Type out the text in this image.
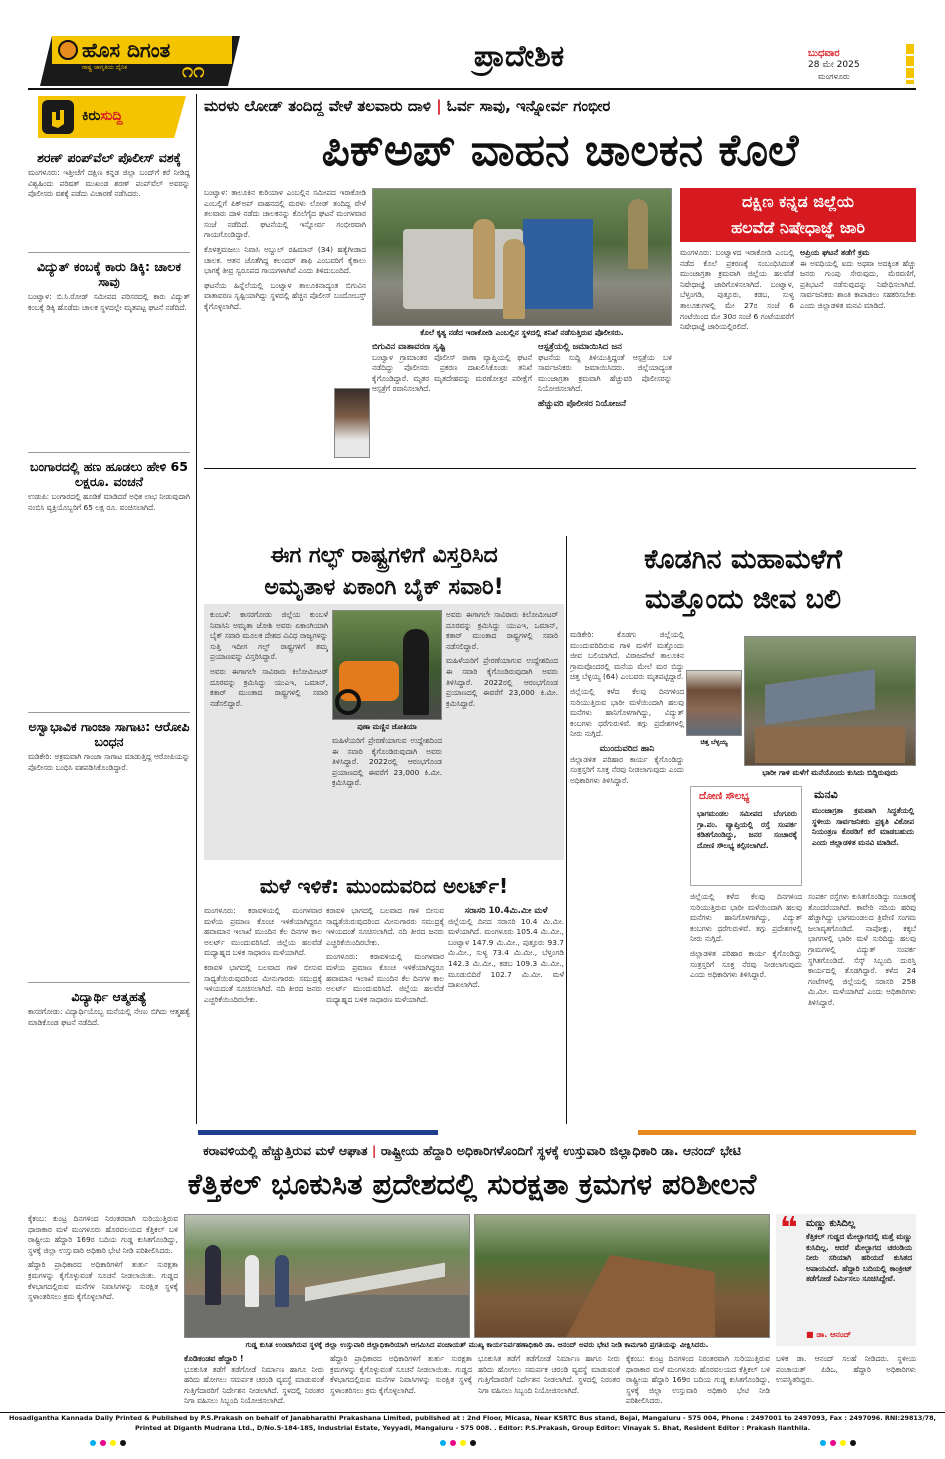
ಹೊಸ ದಿಗಂತ
ರಾಷ್ಟ್ರ ಜಾಗೃತಿಯ ದೈನಿಕ	೧೧	ಪ್ರಾದೇಶಿಕ	ಬುಧವಾರ
28 ಮೇ 2025
ಮಂಗಳೂರು
ಕಿರುಸುದ್ದಿ
ಶರಣ್ ಪಂಪ್‌ವೆಲ್ ಪೊಲೀಸ್ ವಶಕ್ಕೆ

ಮಂಗಳೂರು: ಇತ್ತೀಚೆಗೆ ದಕ್ಷಿಣ ಕನ್ನಡ ಜಿಲ್ಲಾ ಬಂದ್‌ಗೆ ಕರೆ ನೀಡಿದ್ದ ವಿಶ್ವಹಿಂದು ಪರಿಷತ್ ಮುಖಂಡ ಶರಣ್ ಪಂಪ್‌ವೆಲ್ ಅವರನ್ನು ಪೊಲೀಸರು ವಶಕ್ಕೆ ಪಡೆದು ವಿಚಾರಣೆ ನಡೆಸಿದರು.

ವಿದ್ಯುತ್ ಕಂಬಕ್ಕೆ ಕಾರು ಡಿಕ್ಕಿ: ಚಾಲಕ ಸಾವು

ಬಂಟ್ವಾಳ: ಬಿ.ಸಿ.ರೋಡ್ ಸಮೀಪದ ಪರಿಸರದಲ್ಲಿ ಕಾರು ವಿದ್ಯುತ್ ಕಂಬಕ್ಕೆ ಡಿಕ್ಕಿ ಹೊಡೆದು ಚಾಲಕ ಸ್ಥಳದಲ್ಲೇ ಮೃತಪಟ್ಟ ಘಟನೆ ನಡೆದಿದೆ.

ಬಂಗಾರದಲ್ಲಿ ಹಣ ಹೂಡಲು ಹೇಳಿ 65 ಲಕ್ಷರೂ. ವಂಚನೆ

ಉಡುಪಿ: ಬಂಗಾರದಲ್ಲಿ ಹೂಡಿಕೆ ಮಾಡಿದರೆ ಅಧಿಕ ಲಾಭ ನೀಡುವುದಾಗಿ ನಂಬಿಸಿ ವ್ಯಕ್ತಿಯೊಬ್ಬರಿಗೆ 65 ಲಕ್ಷ ರೂ. ವಂಚಿಸಲಾಗಿದೆ.

ಅಸ್ವಾಭಾವಿಕ ಗಾಂಜಾ ಸಾಗಾಟ: ಆರೋಪಿ ಬಂಧನ

ಮಡಿಕೇರಿ: ಅಕ್ರಮವಾಗಿ ಗಾಂಜಾ ಸಾಗಾಟ ಮಾಡುತ್ತಿದ್ದ ಆರೋಪಿಯನ್ನು ಪೊಲೀಸರು ಬಂಧಿಸಿ ವಶಪಡಿಸಿಕೊಂಡಿದ್ದಾರೆ.

ವಿದ್ಯಾರ್ಥಿ ಆತ್ಮಹತ್ಯೆ

ಕಾಸರಗೋಡು: ವಿದ್ಯಾರ್ಥಿಯೊಬ್ಬ ಮನೆಯಲ್ಲಿ ನೇಣು ಬಿಗಿದು ಆತ್ಮಹತ್ಯೆ ಮಾಡಿಕೊಂಡ ಘಟನೆ ನಡೆದಿದೆ.

ಮರಳು ಲೋಡ್ ತಂದಿದ್ದ ವೇಳೆ ತಲವಾರು ದಾಳಿ | ಓರ್ವ ಸಾವು, ಇನ್ನೋರ್ವ ಗಂಭೀರ
ಪಿಕ್‌ಅಪ್ ವಾಹನ ಚಾಲಕನ ಕೊಲೆ

ಬಂಟ್ವಾಳ: ತಾಲೂಕಿನ ಕುರಿಯಾಳ ಎಂಬಲ್ಲಿನ ಸಮೀಪದ ಇರಾಕೋಡಿ ಎಂಬಲ್ಲಿಗೆ ಪಿಕ್‌ಅಪ್ ವಾಹನದಲ್ಲಿ ಮರಳು ಲೋಡ್ ತಂದಿದ್ದ ವೇಳೆ ತಲವಾರು ದಾಳಿ ನಡೆದು ಚಾಲಕನನ್ನು ಕೊಲೆಗೈದ ಘಟನೆ ಮಂಗಳವಾರ ಸಂಜೆ ನಡೆದಿದೆ. ಘಟನೆಯಲ್ಲಿ ಇನ್ನೋರ್ವ ಗಂಭೀರವಾಗಿ ಗಾಯಗೊಂಡಿದ್ದಾರೆ.

ಕೊಳತ್ತಮಜಲು ನಿವಾಸಿ ಅಬ್ದುಲ್ ರಹಿಮಾನ್ (34) ಹತ್ಯೆಗೀಡಾದ ಚಾಲಕ. ಆತನ ಜೊತೆಗಿದ್ದ ಕಲಂದರ್ ಶಾಫಿ ಎಂಬವರಿಗೆ ಕೈಕಾಲು ಭಾಗಕ್ಕೆ ತೀವ್ರ ಸ್ವರೂಪದ ಗಾಯಗಳಾಗಿವೆ ಎಂದು ತಿಳಿದುಬಂದಿದೆ.

ಘಟನೆಯ ಹಿನ್ನೆಲೆಯಲ್ಲಿ ಬಂಟ್ವಾಳ ತಾಲೂಕಿನಾದ್ಯಂತ ಬಿಗುವಿನ ವಾತಾವರಣ ಸೃಷ್ಟಿಯಾಗಿದ್ದು ಸ್ಥಳದಲ್ಲಿ ಹೆಚ್ಚಿನ ಪೊಲೀಸ್ ಬಂದೋಬಸ್ತ್ ಕೈಗೊಳ್ಳಲಾಗಿದೆ.

ಕೊಲೆ ಕೃತ್ಯ ನಡೆದ ಇರಾಕೋಡಿ ಎಂಬಲ್ಲಿನ ಸ್ಥಳದಲ್ಲಿ ತನಿಖೆ ನಡೆಸುತ್ತಿರುವ ಪೊಲೀಸರು.
ಬಿಗುವಿನ ವಾತಾವರಣ ಸೃಷ್ಟಿ

ಬಂಟ್ವಾಳ ಗ್ರಾಮಾಂತರ ಪೊಲೀಸ್ ಠಾಣಾ ವ್ಯಾಪ್ತಿಯಲ್ಲಿ ಘಟನೆ ನಡೆದಿದ್ದು ಪೊಲೀಸರು ಪ್ರಕರಣ ದಾಖಲಿಸಿಕೊಂಡು ತನಿಖೆ ಕೈಗೊಂಡಿದ್ದಾರೆ. ಮೃತರ ಮೃತದೇಹವನ್ನು ಮರಣೋತ್ತರ ಪರೀಕ್ಷೆಗೆ ಆಸ್ಪತ್ರೆಗೆ ರವಾನಿಸಲಾಗಿದೆ.

ಆಸ್ಪತ್ರೆಯಲ್ಲಿ ಜಮಾಯಿಸಿದ ಜನ

ಘಟನೆಯ ಸುದ್ದಿ ತಿಳಿಯುತ್ತಿದ್ದಂತೆ ಆಸ್ಪತ್ರೆಯ ಬಳಿ ಸಾರ್ವಜನಿಕರು ಜಮಾಯಿಸಿದರು. ಜಿಲ್ಲೆಯಾದ್ಯಂತ ಮುಂಜಾಗ್ರತಾ ಕ್ರಮವಾಗಿ ಹೆಚ್ಚುವರಿ ಪೊಲೀಸರನ್ನು ನಿಯೋಜಿಸಲಾಗಿದೆ.

ಹೆಚ್ಚುವರಿ ಪೊಲೀಸರ ನಿಯೋಜನೆ
ದಕ್ಷಿಣ ಕನ್ನಡ ಜಿಲ್ಲೆಯ
ಹಲವೆಡೆ ನಿಷೇಧಾಜ್ಞೆ ಜಾರಿ

ಮಂಗಳೂರು: ಬಂಟ್ವಾಳದ ಇರಾಕೋಡಿ ಎಂಬಲ್ಲಿ ನಡೆದ ಕೊಲೆ ಪ್ರಕರಣಕ್ಕೆ ಸಂಬಂಧಿಸಿದಂತೆ ಮುಂಜಾಗ್ರತಾ ಕ್ರಮವಾಗಿ ಜಿಲ್ಲೆಯ ಹಲವೆಡೆ ನಿಷೇಧಾಜ್ಞೆ ಜಾರಿಗೊಳಿಸಲಾಗಿದೆ. ಬಂಟ್ವಾಳ, ಬೆಳ್ತಂಗಡಿ, ಪುತ್ತೂರು, ಕಡಬ, ಸುಳ್ಯ ತಾಲೂಕುಗಳಲ್ಲಿ ಮೇ 27ರ ಸಂಜೆ 6 ಗಂಟೆಯಿಂದ ಮೇ 30ರ ಸಂಜೆ 6 ಗಂಟೆಯವರೆಗೆ ನಿಷೇಧಾಜ್ಞೆ ಜಾರಿಯಲ್ಲಿರಲಿದೆ.

ಅಪ್ರಿಯ ಘಟನೆ ತಡೆಗೆ ಕ್ರಮ

ಈ ಅವಧಿಯಲ್ಲಿ ಐದು ಅಥವಾ ಅದಕ್ಕಿಂತ ಹೆಚ್ಚು ಜನರು ಗುಂಪು ಸೇರುವುದು, ಮೆರವಣಿಗೆ, ಪ್ರತಿಭಟನೆ ನಡೆಸುವುದನ್ನು ನಿಷೇಧಿಸಲಾಗಿದೆ. ಸಾರ್ವಜನಿಕರು ಶಾಂತಿ ಕಾಪಾಡಲು ಸಹಕರಿಸಬೇಕು ಎಂದು ಜಿಲ್ಲಾಡಳಿತ ಮನವಿ ಮಾಡಿದೆ.

ಈಗ ಗಲ್ಫ್ ರಾಷ್ಟ್ರಗಳಿಗೆ ವಿಸ್ತರಿಸಿದ
ಅಮೃತಾಳ ಏಕಾಂಗಿ ಬೈಕ್ ಸವಾರಿ!

ಕುಂಬಳೆ: ಕಾಸರಗೋಡು ಜಿಲ್ಲೆಯ ಕುಂಬಳೆ ನಿವಾಸಿನಿ ಅಮೃತಾ ಜೋಶಿ ಅವರು ಏಕಾಂಗಿಯಾಗಿ ಬೈಕ್ ಸವಾರಿ ಮೂಲಕ ದೇಶದ ವಿವಿಧ ರಾಜ್ಯಗಳನ್ನು ಸುತ್ತಿ ಇದೀಗ ಗಲ್ಫ್ ರಾಷ್ಟ್ರಗಳಿಗೆ ತಮ್ಮ ಪ್ರಯಾಣವನ್ನು ವಿಸ್ತರಿಸಿದ್ದಾರೆ.

ಅವರು ಈಗಾಗಲೇ ಸಾವಿರಾರು ಕಿಲೋಮೀಟರ್ ದೂರವನ್ನು ಕ್ರಮಿಸಿದ್ದು ಯುಎಇ, ಒಮಾನ್, ಕತಾರ್ ಮುಂತಾದ ರಾಷ್ಟ್ರಗಳಲ್ಲಿ ಸವಾರಿ ನಡೆಸಲಿದ್ದಾರೆ.

ಪುಣಾ ಮಣ್ಣಿನ ಜೋತಿಯಾ

ಮಹಿಳೆಯರಿಗೆ ಪ್ರೇರಣೆಯಾಗುವ ಉದ್ದೇಶದಿಂದ ಈ ಸವಾರಿ ಕೈಗೊಂಡಿರುವುದಾಗಿ ಅವರು ತಿಳಿಸಿದ್ದಾರೆ. 2022ರಲ್ಲಿ ಆರಂಭಗೊಂಡ ಪ್ರಯಾಣದಲ್ಲಿ ಈವರೆಗೆ 23,000 ಕಿ.ಮೀ. ಕ್ರಮಿಸಿದ್ದಾರೆ.

ಅವರು ಈಗಾಗಲೇ ಸಾವಿರಾರು ಕಿಲೋಮೀಟರ್ ದೂರವನ್ನು ಕ್ರಮಿಸಿದ್ದು ಯುಎಇ, ಒಮಾನ್, ಕತಾರ್ ಮುಂತಾದ ರಾಷ್ಟ್ರಗಳಲ್ಲಿ ಸವಾರಿ ನಡೆಸಲಿದ್ದಾರೆ.

ಮಹಿಳೆಯರಿಗೆ ಪ್ರೇರಣೆಯಾಗುವ ಉದ್ದೇಶದಿಂದ ಈ ಸವಾರಿ ಕೈಗೊಂಡಿರುವುದಾಗಿ ಅವರು ತಿಳಿಸಿದ್ದಾರೆ. 2022ರಲ್ಲಿ ಆರಂಭಗೊಂಡ ಪ್ರಯಾಣದಲ್ಲಿ ಈವರೆಗೆ 23,000 ಕಿ.ಮೀ. ಕ್ರಮಿಸಿದ್ದಾರೆ.

ಕೊಡಗಿನ ಮಹಾಮಳೆಗೆ
ಮತ್ತೊಂದು ಜೀವ ಬಲಿ

ಮಡಿಕೇರಿ: ಕೊಡಗು ಜಿಲ್ಲೆಯಲ್ಲಿ ಮುಂದುವರಿದಿರುವ ಗಾಳಿ ಮಳೆಗೆ ಮತ್ತೊಂದು ಜೀವ ಬಲಿಯಾಗಿದೆ. ವಿರಾಜಪೇಟೆ ತಾಲೂಕಿನ ಗ್ರಾಮವೊಂದರಲ್ಲಿ ಮನೆಯ ಮೇಲೆ ಮರ ಬಿದ್ದು ಚಿತ್ತ ಬೆಳ್ಳಯ್ಯ (64) ಎಂಬವರು ಮೃತಪಟ್ಟಿದ್ದಾರೆ.

ಜಿಲ್ಲೆಯಲ್ಲಿ ಕಳೆದ ಕೆಲವು ದಿನಗಳಿಂದ ಸುರಿಯುತ್ತಿರುವ ಭಾರೀ ಮಳೆಯಿಂದಾಗಿ ಹಲವು ಮನೆಗಳು ಹಾನಿಗೊಳಗಾಗಿದ್ದು, ವಿದ್ಯುತ್ ಕಂಬಗಳು ಧರೆಗುರುಳಿವೆ. ತಗ್ಗು ಪ್ರದೇಶಗಳಲ್ಲಿ ನೀರು ನುಗ್ಗಿದೆ.

ಮುಂದುವರಿದ ಹಾನಿ

ಜಿಲ್ಲಾಡಳಿತ ಪರಿಹಾರ ಕಾರ್ಯ ಕೈಗೊಂಡಿದ್ದು ಸಂತ್ರಸ್ತರಿಗೆ ಸೂಕ್ತ ನೆರವು ನೀಡಲಾಗುವುದು ಎಂದು ಅಧಿಕಾರಿಗಳು ತಿಳಿಸಿದ್ದಾರೆ.

ಚಿತ್ತ ಬೆಳ್ಳಯ್ಯ
ಭಾರೀ ಗಾಳಿ ಮಳೆಗೆ ಮನೆಯೊಂದು ಕುಸಿದು ಬಿದ್ದಿರುವುದು
ದೋಣಿ ಸೌಲಭ್ಯ
ಭಾಗಮಂಡಲ ಸಮೀಪದ ಬೆಂಗೂರು ಗ್ರಾ.ಪಂ. ವ್ಯಾಪ್ತಿಯಲ್ಲಿ ರಸ್ತೆ ಸಂಪರ್ಕ ಕಡಿತಗೊಂಡಿದ್ದು, ಜನರ ಸಂಚಾರಕ್ಕೆ ದೋಣಿ ಸೌಲಭ್ಯ ಕಲ್ಪಿಸಲಾಗಿದೆ.
ಮನವಿ
ಮುಂಜಾಗ್ರತಾ ಕ್ರಮವಾಗಿ ಸಿದ್ಧತೆಯಲ್ಲಿ ಸ್ಥಳೀಯ ಸಾರ್ವಜನಿಕರು ಪ್ರಕೃತಿ ವಿಕೋಪ ನಿಯಂತ್ರಣ ಕೊಠಡಿಗೆ ಕರೆ ಮಾಡಬಹುದು ಎಂದು ಜಿಲ್ಲಾಡಳಿತ ಮನವಿ ಮಾಡಿದೆ.

ಜಿಲ್ಲೆಯಲ್ಲಿ ಕಳೆದ ಕೆಲವು ದಿನಗಳಿಂದ ಸುರಿಯುತ್ತಿರುವ ಭಾರೀ ಮಳೆಯಿಂದಾಗಿ ಹಲವು ಮನೆಗಳು ಹಾನಿಗೊಳಗಾಗಿದ್ದು, ವಿದ್ಯುತ್ ಕಂಬಗಳು ಧರೆಗುರುಳಿವೆ. ತಗ್ಗು ಪ್ರದೇಶಗಳಲ್ಲಿ ನೀರು ನುಗ್ಗಿದೆ.

ಜಿಲ್ಲಾಡಳಿತ ಪರಿಹಾರ ಕಾರ್ಯ ಕೈಗೊಂಡಿದ್ದು ಸಂತ್ರಸ್ತರಿಗೆ ಸೂಕ್ತ ನೆರವು ನೀಡಲಾಗುವುದು ಎಂದು ಅಧಿಕಾರಿಗಳು ತಿಳಿಸಿದ್ದಾರೆ.

ಸಂಪರ್ಕ ರಸ್ತೆಗಳು ಕುಸಿತಗೊಂಡಿದ್ದು ಸಂಚಾರಕ್ಕೆ ತೊಂದರೆಯಾಗಿದೆ. ಕಾವೇರಿ ನದಿಯ ಹರಿವು ಹೆಚ್ಚಾಗಿದ್ದು ಭಾಗಮಂಡಲದ ತ್ರಿವೇಣಿ ಸಂಗಮ ಜಲಾವೃತಗೊಂಡಿದೆ. ನಾಪೋಕ್ಲು, ಕಕ್ಕಬೆ ಭಾಗಗಳಲ್ಲಿ ಭಾರೀ ಮಳೆ ಸುರಿದಿದ್ದು ಹಲವು ಗ್ರಾಮಗಳಲ್ಲಿ ವಿದ್ಯುತ್ ಸಂಪರ್ಕ ಸ್ಥಗಿತಗೊಂಡಿದೆ. ಸೆಸ್ಕ್ ಸಿಬ್ಬಂದಿ ದುರಸ್ತಿ ಕಾರ್ಯದಲ್ಲಿ ತೊಡಗಿದ್ದಾರೆ. ಕಳೆದ 24 ಗಂಟೆಗಳಲ್ಲಿ ಜಿಲ್ಲೆಯಲ್ಲಿ ಸರಾಸರಿ 258 ಮಿ.ಮೀ. ಮಳೆಯಾಗಿದೆ ಎಂದು ಅಧಿಕಾರಿಗಳು ತಿಳಿಸಿದ್ದಾರೆ.

ಮಳೆ ಇಳಿಕೆ: ಮುಂದುವರಿದ ಅಲರ್ಟ್!

ಮಂಗಳೂರು: ಕರಾವಳಿಯಲ್ಲಿ ಮಂಗಳವಾರ ಮಳೆಯ ಪ್ರಮಾಣ ಕೊಂಚ ಇಳಿಕೆಯಾಗಿದ್ದರೂ ಹವಾಮಾನ ಇಲಾಖೆ ಮುಂದಿನ ಕೆಲ ದಿನಗಳ ಕಾಲ ಅಲರ್ಟ್ ಮುಂದುವರಿಸಿದೆ. ಜಿಲ್ಲೆಯ ಹಲವೆಡೆ ಮಧ್ಯಾಹ್ನದ ಬಳಿಕ ಸಾಧಾರಣ ಮಳೆಯಾಗಿದೆ.

ಕರಾವಳಿ ಭಾಗದಲ್ಲಿ ಬಲವಾದ ಗಾಳಿ ಬೀಸುವ ಸಾಧ್ಯತೆಯಿರುವುದರಿಂದ ಮೀನುಗಾರರು ಸಮುದ್ರಕ್ಕೆ ಇಳಿಯದಂತೆ ಸೂಚಿಸಲಾಗಿದೆ. ನದಿ ತೀರದ ಜನರು ಎಚ್ಚರಿಕೆಯಿಂದಿರಬೇಕು.

ಕರಾವಳಿ ಭಾಗದಲ್ಲಿ ಬಲವಾದ ಗಾಳಿ ಬೀಸುವ ಸಾಧ್ಯತೆಯಿರುವುದರಿಂದ ಮೀನುಗಾರರು ಸಮುದ್ರಕ್ಕೆ ಇಳಿಯದಂತೆ ಸೂಚಿಸಲಾಗಿದೆ. ನದಿ ತೀರದ ಜನರು ಎಚ್ಚರಿಕೆಯಿಂದಿರಬೇಕು.

ಮಂಗಳೂರು: ಕರಾವಳಿಯಲ್ಲಿ ಮಂಗಳವಾರ ಮಳೆಯ ಪ್ರಮಾಣ ಕೊಂಚ ಇಳಿಕೆಯಾಗಿದ್ದರೂ ಹವಾಮಾನ ಇಲಾಖೆ ಮುಂದಿನ ಕೆಲ ದಿನಗಳ ಕಾಲ ಅಲರ್ಟ್ ಮುಂದುವರಿಸಿದೆ. ಜಿಲ್ಲೆಯ ಹಲವೆಡೆ ಮಧ್ಯಾಹ್ನದ ಬಳಿಕ ಸಾಧಾರಣ ಮಳೆಯಾಗಿದೆ.

ಸರಾಸರಿ 10.4ಮಿ.ಮೀ ಮಳೆ

ಜಿಲ್ಲೆಯಲ್ಲಿ ದಿನದ ಸರಾಸರಿ 10.4 ಮಿ.ಮೀ. ಮಳೆಯಾಗಿದೆ. ಮಂಗಳೂರು 105.4 ಮಿ.ಮೀ., ಬಂಟ್ವಾಳ 147.9 ಮಿ.ಮೀ., ಪುತ್ತೂರು 93.7 ಮಿ.ಮೀ., ಸುಳ್ಯ 73.4 ಮಿ.ಮೀ., ಬೆಳ್ತಂಗಡಿ 142.3 ಮಿ.ಮೀ., ಕಡಬ 109.3 ಮಿ.ಮೀ., ಮೂಡುಬಿದಿರೆ 102.7 ಮಿ.ಮೀ. ಮಳೆ ದಾಖಲಾಗಿದೆ.

ಕರಾವಳಿಯಲ್ಲಿ ಹೆಚ್ಚುತ್ತಿರುವ ಮಳೆ ಆಘಾತ | ರಾಷ್ಟ್ರೀಯ ಹೆದ್ದಾರಿ ಅಧಿಕಾರಿಗಳೊಂದಿಗೆ ಸ್ಥಳಕ್ಕೆ ಉಸ್ತುವಾರಿ ಜಿಲ್ಲಾಧಿಕಾರಿ ಡಾ. ಆನಂದ್ ಭೇಟಿ
ಕೆತ್ತಿಕಲ್ ಭೂಕುಸಿತ ಪ್ರದೇಶದಲ್ಲಿ ಸುರಕ್ಷತಾ ಕ್ರಮಗಳ ಪರಿಶೀಲನೆ

ಕೈಕಂಬ: ಕುಂಟ್ರ ದಿನಗಳಿಂದ ನಿರಂತರವಾಗಿ ಸುರಿಯುತ್ತಿರುವ ಧಾರಾಕಾರ ಮಳೆ ಮಂಗಳೂರು ಹೊರವಲಯದ ಕೆತ್ತಿಕಲ್ ಬಳಿ ರಾಷ್ಟ್ರೀಯ ಹೆದ್ದಾರಿ 169ರ ಬದಿಯ ಗುಡ್ಡ ಕುಸಿತಗೊಂಡಿದ್ದು, ಸ್ಥಳಕ್ಕೆ ಜಿಲ್ಲಾ ಉಸ್ತುವಾರಿ ಅಧಿಕಾರಿ ಭೇಟಿ ನೀಡಿ ಪರಿಶೀಲಿಸಿದರು.

ಹೆದ್ದಾರಿ ಪ್ರಾಧಿಕಾರದ ಅಧಿಕಾರಿಗಳಿಗೆ ತುರ್ತು ಸುರಕ್ಷತಾ ಕ್ರಮಗಳನ್ನು ಕೈಗೊಳ್ಳುವಂತೆ ಸೂಚನೆ ನೀಡಲಾಯಿತು. ಗುಡ್ಡದ ಕೆಳಭಾಗದಲ್ಲಿರುವ ಮನೆಗಳ ನಿವಾಸಿಗಳನ್ನು ಸುರಕ್ಷಿತ ಸ್ಥಳಕ್ಕೆ ಸ್ಥಳಾಂತರಿಸಲು ಕ್ರಮ ಕೈಗೊಳ್ಳಲಾಗಿದೆ.

ಗುಡ್ಡ ಕುಸಿತ ಉಂಟಾಗಿರುವ ಸ್ಥಳಕ್ಕೆ ಜಿಲ್ಲಾ ಉಸ್ತುವಾರಿ ಜಿಲ್ಲಾಧಿಕಾರಿಯಾಗಿ ಆಗಮಿಸಿದ ಪಂಚಾಯತ್ ಮುಖ್ಯ ಕಾರ್ಯನಿರ್ವಹಣಾಧಿಕಾರಿ ಡಾ. ಆನಂದ್ ಅವರು ಭೇಟಿ ನೀಡಿ ಕಾಮಗಾರಿ ಪ್ರಗತಿಯನ್ನು ವೀಕ್ಷಿಸಿದರು.
ಕೊಡಿಕಂಡವ ಹೆದ್ದಾರಿ !

ಭೂಕುಸಿತ ತಡೆಗೆ ತಡೆಗೋಡೆ ನಿರ್ಮಾಣ ಹಾಗೂ ನೀರು ಹರಿದು ಹೋಗಲು ಸಮರ್ಪಕ ಚರಂಡಿ ವ್ಯವಸ್ಥೆ ಮಾಡುವಂತೆ ಗುತ್ತಿಗೆದಾರರಿಗೆ ನಿರ್ದೇಶನ ನೀಡಲಾಗಿದೆ. ಸ್ಥಳದಲ್ಲಿ ನಿರಂತರ ನಿಗಾ ವಹಿಸಲು ಸಿಬ್ಬಂದಿ ನಿಯೋಜಿಸಲಾಗಿದೆ.

ಹೆದ್ದಾರಿ ಪ್ರಾಧಿಕಾರದ ಅಧಿಕಾರಿಗಳಿಗೆ ತುರ್ತು ಸುರಕ್ಷತಾ ಕ್ರಮಗಳನ್ನು ಕೈಗೊಳ್ಳುವಂತೆ ಸೂಚನೆ ನೀಡಲಾಯಿತು. ಗುಡ್ಡದ ಕೆಳಭಾಗದಲ್ಲಿರುವ ಮನೆಗಳ ನಿವಾಸಿಗಳನ್ನು ಸುರಕ್ಷಿತ ಸ್ಥಳಕ್ಕೆ ಸ್ಥಳಾಂತರಿಸಲು ಕ್ರಮ ಕೈಗೊಳ್ಳಲಾಗಿದೆ.

ಭೂಕುಸಿತ ತಡೆಗೆ ತಡೆಗೋಡೆ ನಿರ್ಮಾಣ ಹಾಗೂ ನೀರು ಹರಿದು ಹೋಗಲು ಸಮರ್ಪಕ ಚರಂಡಿ ವ್ಯವಸ್ಥೆ ಮಾಡುವಂತೆ ಗುತ್ತಿಗೆದಾರರಿಗೆ ನಿರ್ದೇಶನ ನೀಡಲಾಗಿದೆ. ಸ್ಥಳದಲ್ಲಿ ನಿರಂತರ ನಿಗಾ ವಹಿಸಲು ಸಿಬ್ಬಂದಿ ನಿಯೋಜಿಸಲಾಗಿದೆ.

ಕೈಕಂಬ: ಕುಂಟ್ರ ದಿನಗಳಿಂದ ನಿರಂತರವಾಗಿ ಸುರಿಯುತ್ತಿರುವ ಧಾರಾಕಾರ ಮಳೆ ಮಂಗಳೂರು ಹೊರವಲಯದ ಕೆತ್ತಿಕಲ್ ಬಳಿ ರಾಷ್ಟ್ರೀಯ ಹೆದ್ದಾರಿ 169ರ ಬದಿಯ ಗುಡ್ಡ ಕುಸಿತಗೊಂಡಿದ್ದು, ಸ್ಥಳಕ್ಕೆ ಜಿಲ್ಲಾ ಉಸ್ತುವಾರಿ ಅಧಿಕಾರಿ ಭೇಟಿ ನೀಡಿ ಪರಿಶೀಲಿಸಿದರು.

❝ ಮಣ್ಣು ಕುಸಿದಿಲ್ಲ
ಕೆತ್ತಿಕಲ್ ಗುಡ್ಡದ ಮೇಲ್ಭಾಗದಲ್ಲಿ ಮತ್ತೆ ಮಣ್ಣು ಕುಸಿದಿಲ್ಲ. ಆದರೆ ಮೇಲ್ಭಾಗದ ಚರಂಡಿಯ ನೀರು ಸರಿಯಾಗಿ ಹರಿಯದೆ ಕುಸಿತದ ಅಪಾಯವಿದೆ. ಹೆದ್ದಾರಿ ಬದಿಯಲ್ಲಿ ಕಾಂಕ್ರೀಟ್ ತಡೆಗೋಡೆ ನಿರ್ಮಿಸಲು ಸೂಚಿಸಿದ್ದೇವೆ.
■ ಡಾ. ಆನಂದ್
ಬಳಿಕ ಡಾ. ಆನಂದ್ ಸಲಹೆ ನೀಡಿದರು. ಸ್ಥಳೀಯ ಪಂಚಾಯತ್ ಪಿಡಿಒ, ಹೆದ್ದಾರಿ ಅಧಿಕಾರಿಗಳು ಉಪಸ್ಥಿತರಿದ್ದರು.
Hosadigantha Kannada Daily Printed & Published by P.S.Prakash on behalf of Janabharathi Prakashana Limited, published at : 2nd Floor, Micasa, Near KSRTC Bus stand, Bejai, Mangaluru - 575 004, Phone : 2497001 to 2497093, Fax : 2497096. RNI:29813/78,
Printed at Diganth Mudrana Ltd., D/No.5-184-185, Industrial Estate, Yeyyadi, Mangaluru - 575 008. . Editor: P.S.Prakash, Group Editor: Vinayak S. Bhat, Resident Editor : Prakash Ilanthila.
